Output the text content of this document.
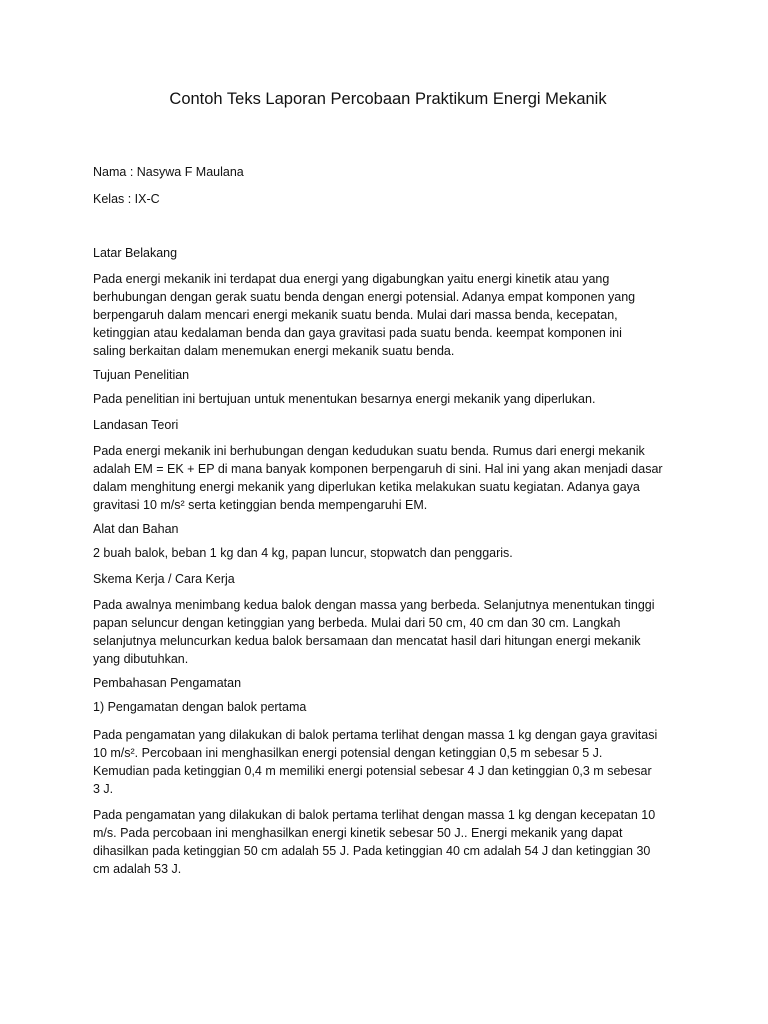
Contoh Teks Laporan Percobaan Praktikum Energi Mekanik
Nama : Nasywa F Maulana
Kelas : IX-C
Latar Belakang
Pada energi mekanik ini terdapat dua energi yang digabungkan yaitu energi kinetik atau yang
berhubungan dengan gerak suatu benda dengan energi potensial. Adanya empat komponen yang
berpengaruh dalam mencari energi mekanik suatu benda. Mulai dari massa benda, kecepatan,
ketinggian atau kedalaman benda dan gaya gravitasi pada suatu benda. keempat komponen ini
saling berkaitan dalam menemukan energi mekanik suatu benda.
Tujuan Penelitian
Pada penelitian ini bertujuan untuk menentukan besarnya energi mekanik yang diperlukan.
Landasan Teori
Pada energi mekanik ini berhubungan dengan kedudukan suatu benda. Rumus dari energi mekanik
adalah EM = EK + EP di mana banyak komponen berpengaruh di sini. Hal ini yang akan menjadi dasar
dalam menghitung energi mekanik yang diperlukan ketika melakukan suatu kegiatan. Adanya gaya
gravitasi 10 m/s² serta ketinggian benda mempengaruhi EM.
Alat dan Bahan
2 buah balok, beban 1 kg dan 4 kg, papan luncur, stopwatch dan penggaris.
Skema Kerja / Cara Kerja
Pada awalnya menimbang kedua balok dengan massa yang berbeda. Selanjutnya menentukan tinggi
papan seluncur dengan ketinggian yang berbeda. Mulai dari 50 cm, 40 cm dan 30 cm. Langkah
selanjutnya meluncurkan kedua balok bersamaan dan mencatat hasil dari hitungan energi mekanik
yang dibutuhkan.
Pembahasan Pengamatan
1) Pengamatan dengan balok pertama
Pada pengamatan yang dilakukan di balok pertama terlihat dengan massa 1 kg dengan gaya gravitasi
10 m/s². Percobaan ini menghasilkan energi potensial dengan ketinggian 0,5 m sebesar 5 J.
Kemudian pada ketinggian 0,4 m memiliki energi potensial sebesar 4 J dan ketinggian 0,3 m sebesar
3 J.
Pada pengamatan yang dilakukan di balok pertama terlihat dengan massa 1 kg dengan kecepatan 10
m/s. Pada percobaan ini menghasilkan energi kinetik sebesar 50 J.. Energi mekanik yang dapat
dihasilkan pada ketinggian 50 cm adalah 55 J. Pada ketinggian 40 cm adalah 54 J dan ketinggian 30
cm adalah 53 J.
